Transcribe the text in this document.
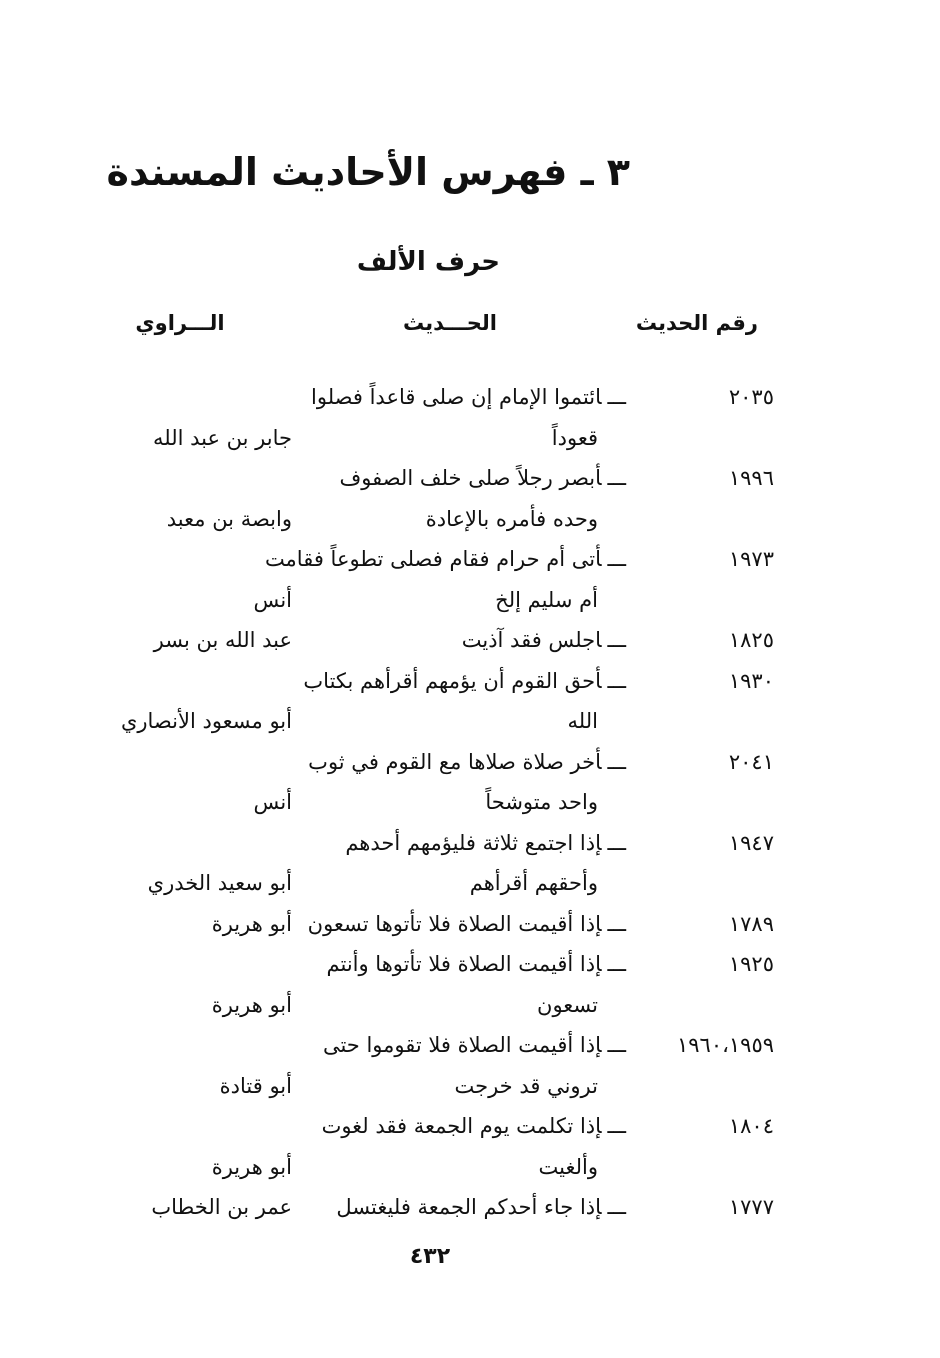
٣ ـ فهرس الأحاديث المسندة
حرف الألف
رقم الحديث
الحـــديث
الـــراوي
٢٠٣٥
ـــائتموا الإمام إن صلى قاعداً فصلوا
قعوداً
جابر بن عبد الله
١٩٩٦
ـــأبصر رجلاً صلى خلف الصفوف
وحده فأمره بالإعادة
وابصة بن معبد
١٩٧٣
ـــأتى أم حرام فقام فصلى تطوعاً فقامت
أم سليم إلخ
أنس
١٨٢٥
ـــاجلس فقد آذيت
عبد الله بن بسر
١٩٣٠
ـــأحق القوم أن يؤمهم أقرأهم بكتاب
الله
أبو مسعود الأنصاري
٢٠٤١
ـــأخر صلاة صلاها مع القوم في ثوب
واحد متوشحاً
أنس
١٩٤٧
ـــإذا اجتمع ثلاثة فليؤمهم أحدهم
وأحقهم أقرأهم
أبو سعيد الخدري
١٧٨٩
ـــإذا أقيمت الصلاة فلا تأتوها تسعون
أبو هريرة
١٩٢٥
ـــإذا أقيمت الصلاة فلا تأتوها وأنتم
تسعون
أبو هريرة
١٩٦٠،١٩٥٩
ـــإذا أقيمت الصلاة فلا تقوموا حتى
تروني قد خرجت
أبو قتادة
١٨٠٤
ـــإذا تكلمت يوم الجمعة فقد لغوت
وألغيت
أبو هريرة
١٧٧٧
ـــإذا جاء أحدكم الجمعة فليغتسل
عمر بن الخطاب
٤٣٢
